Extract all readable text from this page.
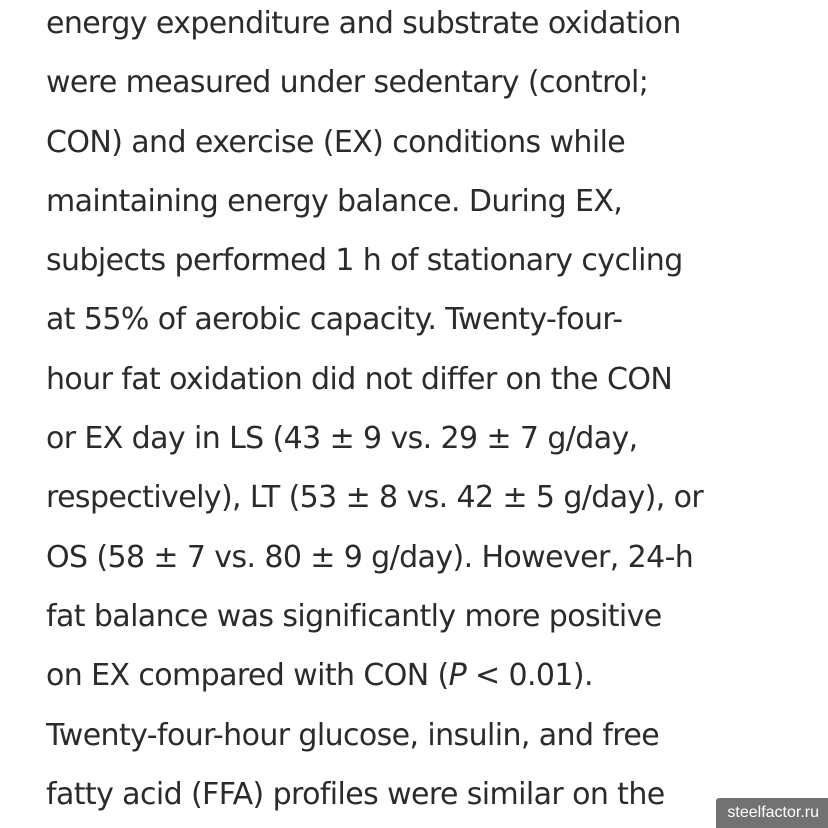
energy expenditure and substrate oxidation
were measured under sedentary (control;
CON) and exercise (EX) conditions while
maintaining energy balance. During EX,
subjects performed 1 h of stationary cycling
at 55% of aerobic capacity. Twenty-four-
hour fat oxidation did not differ on the CON
or EX day in LS (43 ± 9 vs. 29 ± 7 g/day,
respectively), LT (53 ± 8 vs. 42 ± 5 g/day), or
OS (58 ± 7 vs. 80 ± 9 g/day). However, 24-h
fat balance was significantly more positive
on EX compared with CON (P < 0.01).
Twenty-four-hour glucose, insulin, and free
fatty acid (FFA) profiles were similar on the
steelfactor.ru
